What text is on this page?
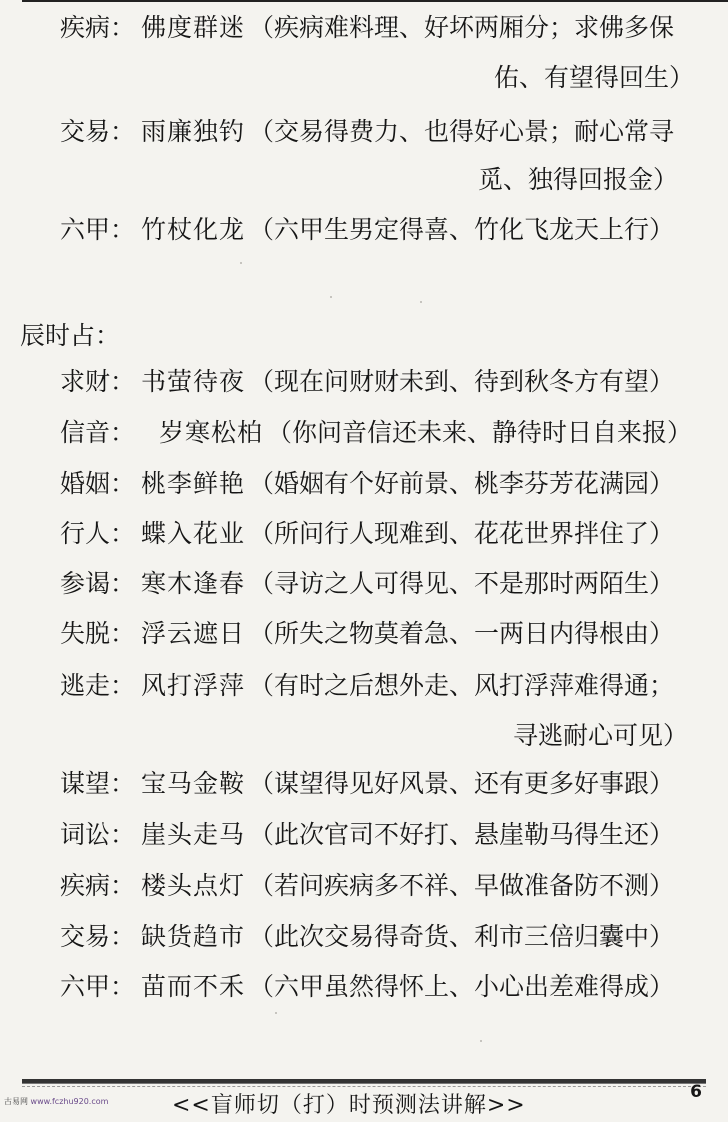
疾病： 佛度群迷 （疾病难料理、好坏两厢分；求佛多保
佑、有望得回生）
交易： 雨廉独钓 （交易得费力、也得好心景；耐心常寻
觅、独得回报金）
六甲： 竹杖化龙 （六甲生男定得喜、竹化飞龙天上行）
辰时占：
求财： 书萤待夜 （现在问财财未到、待到秋冬方有望）
信音： 岁寒松柏 （你问音信还未来、静待时日自来报）
婚姻： 桃李鲜艳 （婚姻有个好前景、桃李芬芳花满园）
行人： 蝶入花业 （所问行人现难到、花花世界拌住了）
参谒： 寒木逢春 （寻访之人可得见、不是那时两陌生）
失脱： 浮云遮日 （所失之物莫着急、一两日内得根由）
逃走： 风打浮萍 （有时之后想外走、风打浮萍难得通；
寻逃耐心可见）
谋望： 宝马金鞍 （谋望得见好风景、还有更多好事跟）
词讼： 崖头走马 （此次官司不好打、悬崖勒马得生还）
疾病： 楼头点灯 （若问疾病多不祥、早做准备防不测）
交易： 缺货趋市 （此次交易得奇货、利市三倍归囊中）
六甲： 苗而不禾 （六甲虽然得怀上、小心出差难得成）
6
古易网 www.fczhu920.com	<<盲师切（打）时预测法讲解>>
